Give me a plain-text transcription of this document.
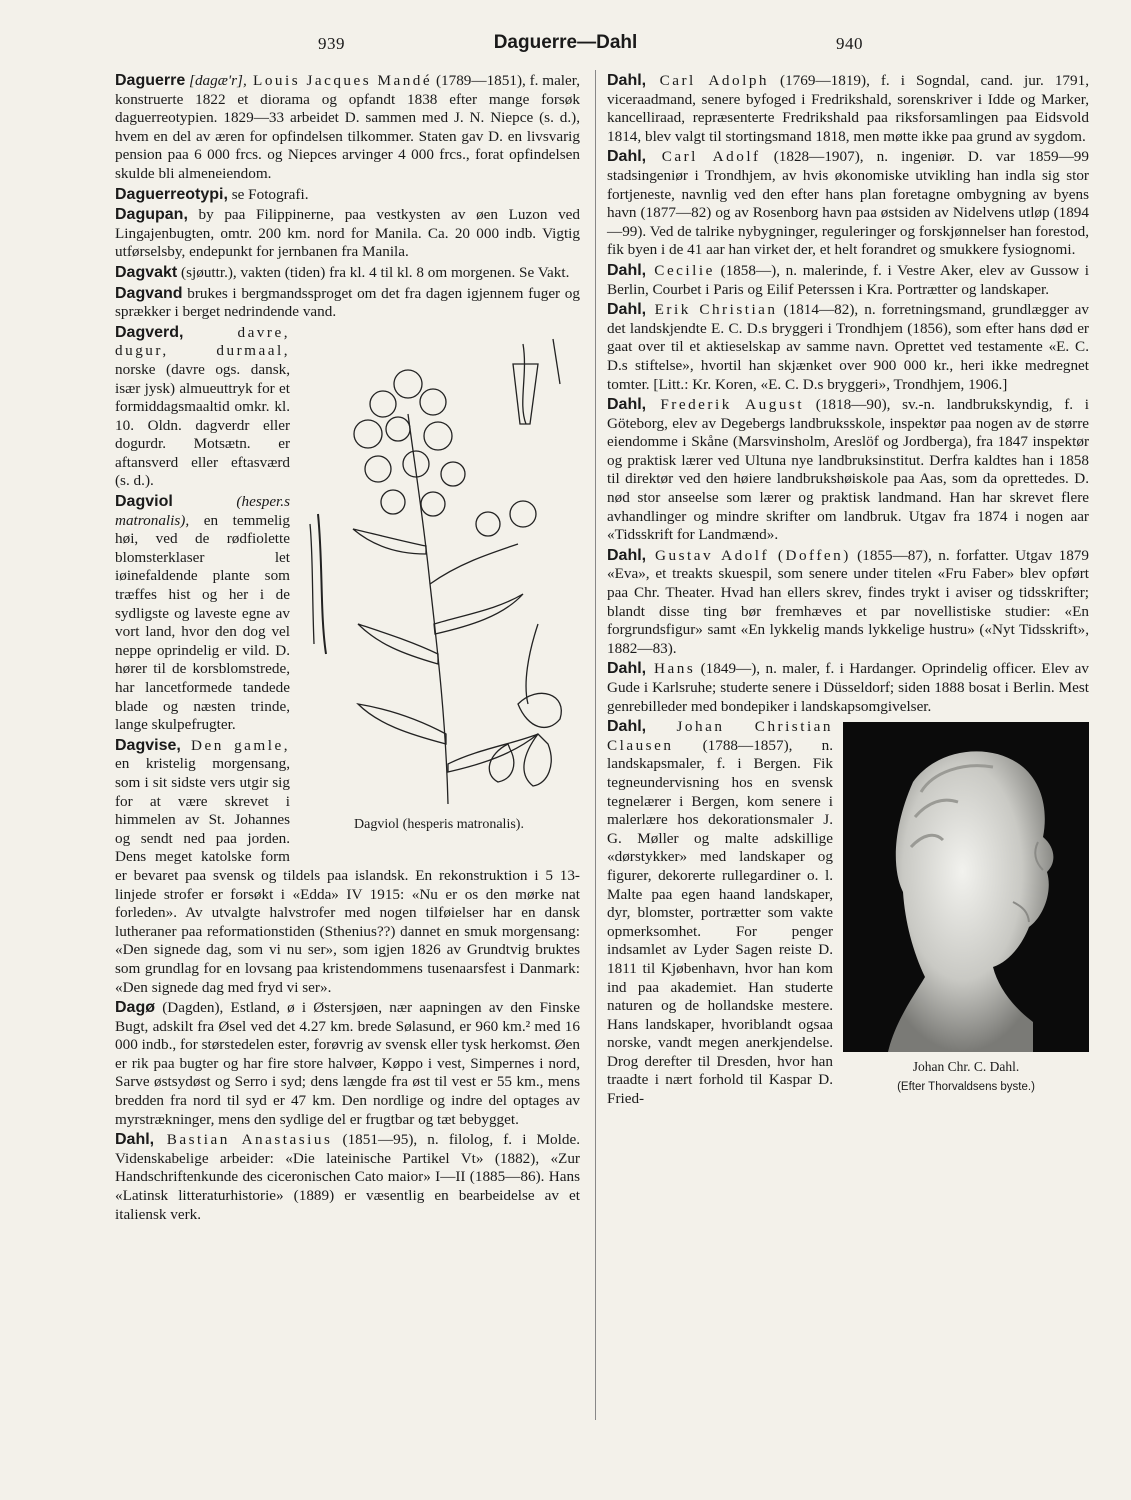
939	Daguerre—Dahl	940

Daguerre [dagæ'r], Louis Jacques Mandé (1789—1851), f. maler, konstruerte 1822 et diorama og opfandt 1838 efter mange forsøk daguerreotypien. 1829—33 arbeidet D. sammen med J. N. Niepce (s. d.), hvem en del av æren for opfindelsen tilkommer. Staten gav D. en livsvarig pension paa 6 000 frcs. og Niepces arvinger 4 000 frcs., forat opfindelsen skulde bli almeneiendom.

Daguerreotypi, se Fotografi.

Dagupan, by paa Filippinerne, paa vestkysten av øen Luzon ved Lingajenbugten, omtr. 200 km. nord for Manila. Ca. 20 000 indb. Vigtig utførselsby, endepunkt for jernbanen fra Manila.

Dagvakt (sjøuttr.), vakten (tiden) fra kl. 4 til kl. 8 om morgenen. Se Vakt.

Dagvand brukes i bergmandssproget om det fra dagen igjennem fuger og sprækker i berget nedrindende vand.

Dagviol (hesperis matronalis).

Dagverd, davre, dugur, durmaal, norske (davre ogs. dansk, især jysk) almueuttryk for et formiddagsmaaltid omkr. kl. 10. Oldn. dagverdr eller dogurdr. Motsætn. er aftansverd eller eftasværd (s. d.).

Dagviol (hesper.s matronalis), en temmelig høi, ved de rødfiolette blomsterklaser let iøinefaldende plante som træffes hist og her i de sydligste og laveste egne av vort land, hvor den dog vel neppe oprindelig er vild. D. hører til de korsblomstrede, har lancetformede tandede blade og næsten trinde, lange skulpefrugter.

Dagvise, Den gamle, en kristelig morgensang, som i sit sidste vers utgir sig for at være skrevet i himmelen av St. Johannes og sendt ned paa jorden. Dens meget katolske form er bevaret paa svensk og tildels paa islandsk. En rekonstruktion i 5 13-linjede strofer er forsøkt i «Edda» IV 1915: «Nu er os den mørke nat forleden». Av utvalgte halvstrofer med nogen tilføielser har en dansk lutheraner paa reformationstiden (Sthenius??) dannet en smuk morgensang: «Den signede dag, som vi nu ser», som igjen 1826 av Grundtvig bruktes som grundlag for en lovsang paa kristendommens tusenaarsfest i Danmark: «Den signede dag med fryd vi ser».

Dagø (Dagden), Estland, ø i Østersjøen, nær aapningen av den Finske Bugt, adskilt fra Øsel ved det 4.27 km. brede Sølasund, er 960 km.² med 16 000 indb., for størstedelen ester, forøvrig av svensk eller tysk herkomst. Øen er rik paa bugter og har fire store halvøer, Køppo i vest, Simpernes i nord, Sarve østsydøst og Serro i syd; dens længde fra øst til vest er 55 km., mens bredden fra nord til syd er 47 km. Den nordlige og indre del optages av myrstrækninger, mens den sydlige del er frugtbar og tæt bebygget.

Dahl, Bastian Anastasius (1851—95), n. filolog, f. i Molde. Videnskabelige arbeider: «Die lateinische Partikel Vt» (1882), «Zur Handschriftenkunde des ciceronischen Cato maior» I—II (1885—86). Hans «Latinsk litteraturhistorie» (1889) er væsentlig en bearbeidelse av et italiensk verk.

Dahl, Carl Adolph (1769—1819), f. i Sogndal, cand. jur. 1791, viceraadmand, senere byfoged i Fredrikshald, sorenskriver i Idde og Marker, kancelliraad, repræsenterte Fredrikshald paa riksforsamlingen paa Eidsvold 1814, blev valgt til stortingsmand 1818, men møtte ikke paa grund av sygdom.

Dahl, Carl Adolf (1828—1907), n. ingeniør. D. var 1859—99 stadsingeniør i Trondhjem, av hvis økonomiske utvikling han indla sig stor fortjeneste, navnlig ved den efter hans plan foretagne ombygning av byens havn (1877—82) og av Rosenborg havn paa østsiden av Nidelvens utløp (1894—99). Ved de talrike nybygninger, reguleringer og forskjønnelser han forestod, fik byen i de 41 aar han virket der, et helt forandret og smukkere fysiognomi.

Dahl, Cecilie (1858—), n. malerinde, f. i Vestre Aker, elev av Gussow i Berlin, Courbet i Paris og Eilif Peterssen i Kra. Portrætter og landskaper.

Dahl, Erik Christian (1814—82), n. forretningsmand, grundlægger av det landskjendte E. C. D.s bryggeri i Trondhjem (1856), som efter hans død er gaat over til et aktieselskap av samme navn. Oprettet ved testamente «E. C. D.s stiftelse», hvortil han skjænket over 900 000 kr., heri ikke medregnet tomter. [Litt.: Kr. Koren, «E. C. D.s bryggeri», Trondhjem, 1906.]

Dahl, Frederik August (1818—90), sv.-n. landbrukskyndig, f. i Göteborg, elev av Degebergs landbruksskole, inspektør paa nogen av de større eiendomme i Skåne (Marsvinsholm, Areslöf og Jordberga), fra 1847 inspektør og praktisk lærer ved Ultuna nye landbruksinstitut. Derfra kaldtes han i 1858 til direktør ved den høiere landbrukshøiskole paa Aas, som da oprettedes. D. nød stor anseelse som lærer og praktisk landmand. Han har skrevet flere avhandlinger og mindre skrifter om landbruk. Utgav fra 1874 i nogen aar «Tidsskrift for Landmænd».

Dahl, Gustav Adolf (Doffen) (1855—87), n. forfatter. Utgav 1879 «Eva», et treakts skuespil, som senere under titelen «Fru Faber» blev opført paa Chr. Theater. Hvad han ellers skrev, findes trykt i aviser og tidsskrifter; blandt disse ting bør fremhæves et par novellistiske studier: «En forgrundsfigur» samt «En lykkelig mands lykkelige hustru» («Nyt Tidsskrift», 1882—83).

Dahl, Hans (1849—), n. maler, f. i Hardanger. Oprindelig officer. Elev av Gude i Karlsruhe; studerte senere i Düsseldorf; siden 1888 bosat i Berlin. Mest genrebilleder med bondepiker i landskapsomgivelser.

Johan Chr. C. Dahl.
(Efter Thorvaldsens byste.)

Dahl, Johan Christian Clausen (1788—1857), n. landskapsmaler, f. i Bergen. Fik tegneundervisning hos en svensk tegnelærer i Bergen, kom senere i malerlære hos dekorationsmaler J. G. Møller og malte adskillige «dørstykker» med landskaper og figurer, dekorerte rullegardiner o. l. Malte paa egen haand landskaper, dyr, blomster, portrætter som vakte opmerksomhet. For penger indsamlet av Lyder Sagen reiste D. 1811 til Kjøbenhavn, hvor han kom ind paa akademiet. Han studerte naturen og de hollandske mestere. Hans landskaper, hvoriblandt ogsaa norske, vandt megen anerkjendelse. Drog derefter til Dresden, hvor han traadte i nært forhold til Kaspar D. Fried-
